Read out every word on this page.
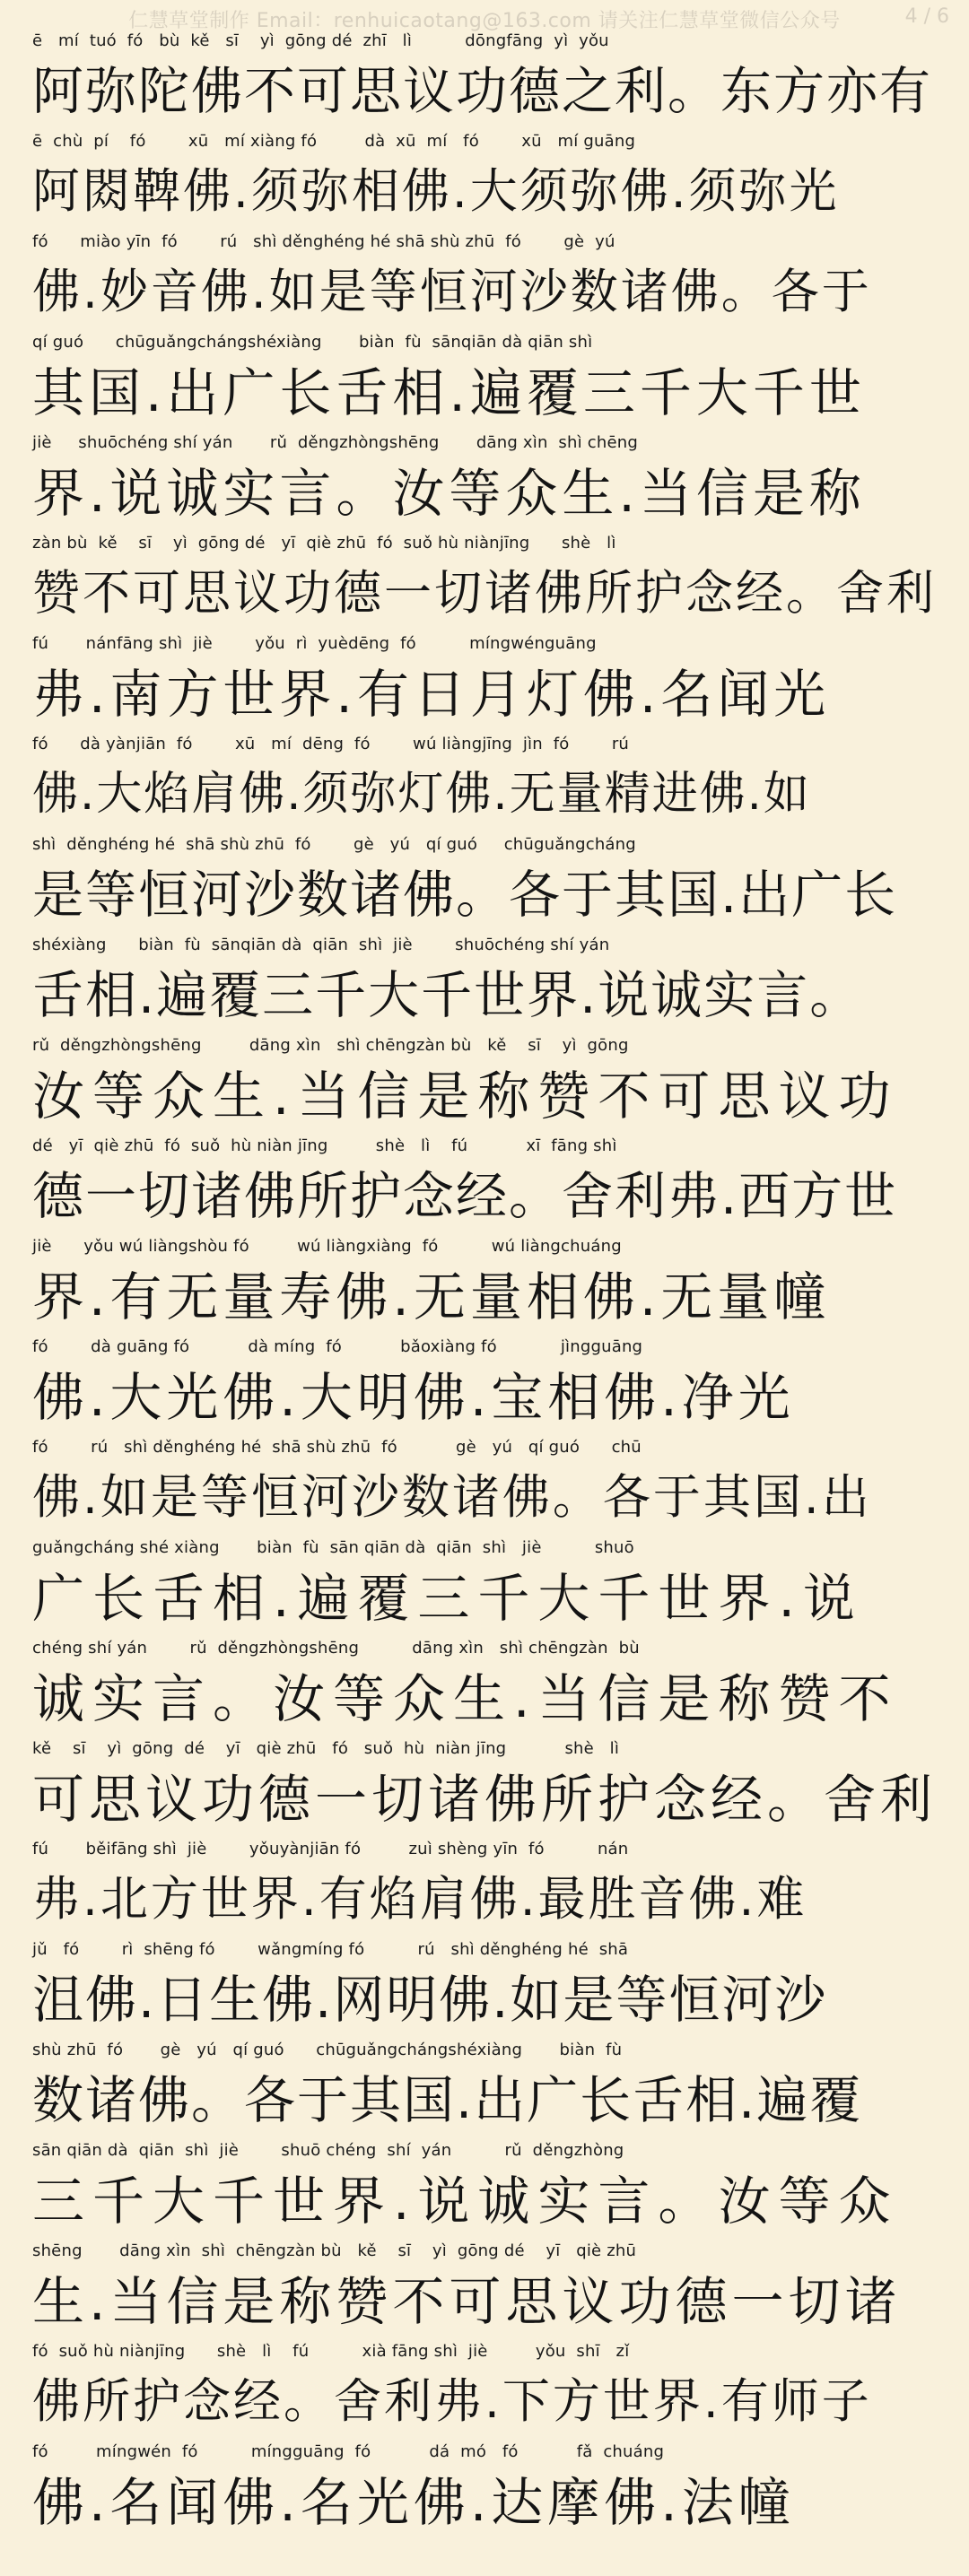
仁慧草堂制作 Email：renhuicaotang@163.com 请关注仁慧草堂微信公众号	4 / 6
ē   mí  tuó  fó   bù  kě   sī    yì  gōng dé  zhī   lì          dōngfāng  yì  yǒu
阿弥陀佛不可思议功德之利。东方亦有
ē  chù  pí    fó        xū   mí xiàng fó         dà  xū  mí   fó        xū   mí guāng
阿閦鞞佛.须弥相佛.大须弥佛.须弥光
fó      miào yīn  fó        rú   shì děnghéng hé shā shù zhū  fó        gè  yú
佛.妙音佛.如是等恒河沙数诸佛。各于
qí guó      chūguǎngchángshéxiàng       biàn  fù  sānqiān dà qiān shì
其国.出广长舌相.遍覆三千大千世
jiè     shuōchéng shí yán       rǔ  děngzhòngshēng       dāng xìn  shì chēng
界.说诚实言。汝等众生.当信是称
zàn bù  kě    sī    yì  gōng dé   yī  qiè zhū  fó  suǒ hù niànjīng      shè   lì
赞不可思议功德一切诸佛所护念经。舍利
fú       nánfāng shì  jiè        yǒu  rì  yuèdēng  fó          míngwénguāng
弗.南方世界.有日月灯佛.名闻光
fó      dà yànjiān  fó        xū   mí  dēng  fó        wú liàngjīng  jìn  fó        rú
佛.大焰肩佛.须弥灯佛.无量精进佛.如
shì  děnghéng hé  shā shù zhū  fó        gè   yú   qí guó     chūguǎngcháng
是等恒河沙数诸佛。各于其国.出广长
shéxiàng      biàn  fù  sānqiān dà  qiān  shì  jiè        shuōchéng shí yán
舌相.遍覆三千大千世界.说诚实言。
rǔ  děngzhòngshēng         dāng xìn   shì chēngzàn bù   kě    sī    yì  gōng
汝等众生.当信是称赞不可思议功
dé   yī  qiè zhū  fó  suǒ  hù niàn jīng         shè   lì    fú           xī  fāng shì
德一切诸佛所护念经。舍利弗.西方世
jiè      yǒu wú liàngshòu fó         wú liàngxiàng  fó          wú liàngchuáng
界.有无量寿佛.无量相佛.无量幢
fó        dà guāng fó           dà míng  fó           bǎoxiàng fó            jìngguāng
佛.大光佛.大明佛.宝相佛.净光
fó        rú   shì děnghéng hé  shā shù zhū  fó           gè   yú   qí guó      chū
佛.如是等恒河沙数诸佛。各于其国.出
guǎngcháng shé xiàng       biàn  fù  sān qiān dà  qiān  shì   jiè          shuō
广长舌相.遍覆三千大千世界.说
chéng shí yán        rǔ  děngzhòngshēng          dāng xìn   shì chēngzàn  bù
诚实言。汝等众生.当信是称赞不
kě    sī    yì  gōng  dé    yī   qiè zhū   fó   suǒ  hù  niàn jīng           shè   lì
可思议功德一切诸佛所护念经。舍利
fú       běifāng shì  jiè        yǒuyànjiān fó         zuì shèng yīn  fó          nán
弗.北方世界.有焰肩佛.最胜音佛.难
jǔ   fó        rì  shēng fó        wǎngmíng fó          rú   shì děnghéng hé  shā
沮佛.日生佛.网明佛.如是等恒河沙
shù zhū  fó       gè   yú   qí guó      chūguǎngchángshéxiàng       biàn  fù
数诸佛。各于其国.出广长舌相.遍覆
sān qiān dà  qiān  shì  jiè        shuō chéng  shí  yán          rǔ  děngzhòng
三千大千世界.说诚实言。汝等众
shēng       dāng xìn  shì  chēngzàn bù   kě    sī    yì  gōng dé    yī   qiè zhū
生.当信是称赞不可思议功德一切诸
fó  suǒ hù niànjīng      shè   lì    fú          xià fāng shì  jiè         yǒu  shī   zǐ
佛所护念经。舍利弗.下方世界.有师子
fó         míngwén  fó          míngguāng  fó           dá  mó   fó           fǎ  chuáng
佛.名闻佛.名光佛.达摩佛.法幢
